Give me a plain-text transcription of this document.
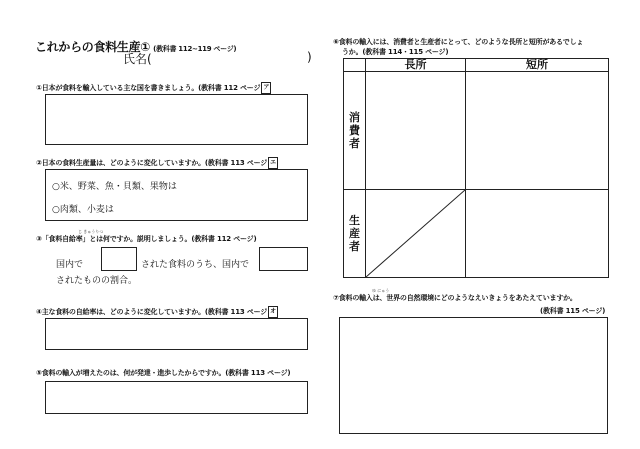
これからの食料生産① (教科書 112~119 ページ)
氏名(	)
①日本が食料を輸入している主な国を書きましょう。(教科書 112 ページ ア
②日本の食料生産量は、どのように変化していますか。(教科書 113 ページ エ
○米、野菜、魚・貝類、果物は
○肉類、小麦は
じ きゅうりつ
③「食料自給率」とは何ですか。説明しましょう。(教科書 112 ページ)
国内で	された食料のうち、国内で
されたものの割合。
④主な食料の自給率は、どのように変化していますか。(教科書 113 ページ オ
⑤食料の輸入が増えたのは、何が発達・進歩したからですか。(教科書 113 ページ)
⑥食料の輸入には、消費者と生産者にとって、どのような長所と短所があるでしょ
うか。(教科書 114・115 ページ)
	長所	短所

消
費
者		

生
産
者

ゆ にゅう
⑦食料の輸入は、世界の自然環境にどのようなえいきょうをあたえていますか。
(教科書 115 ページ)
